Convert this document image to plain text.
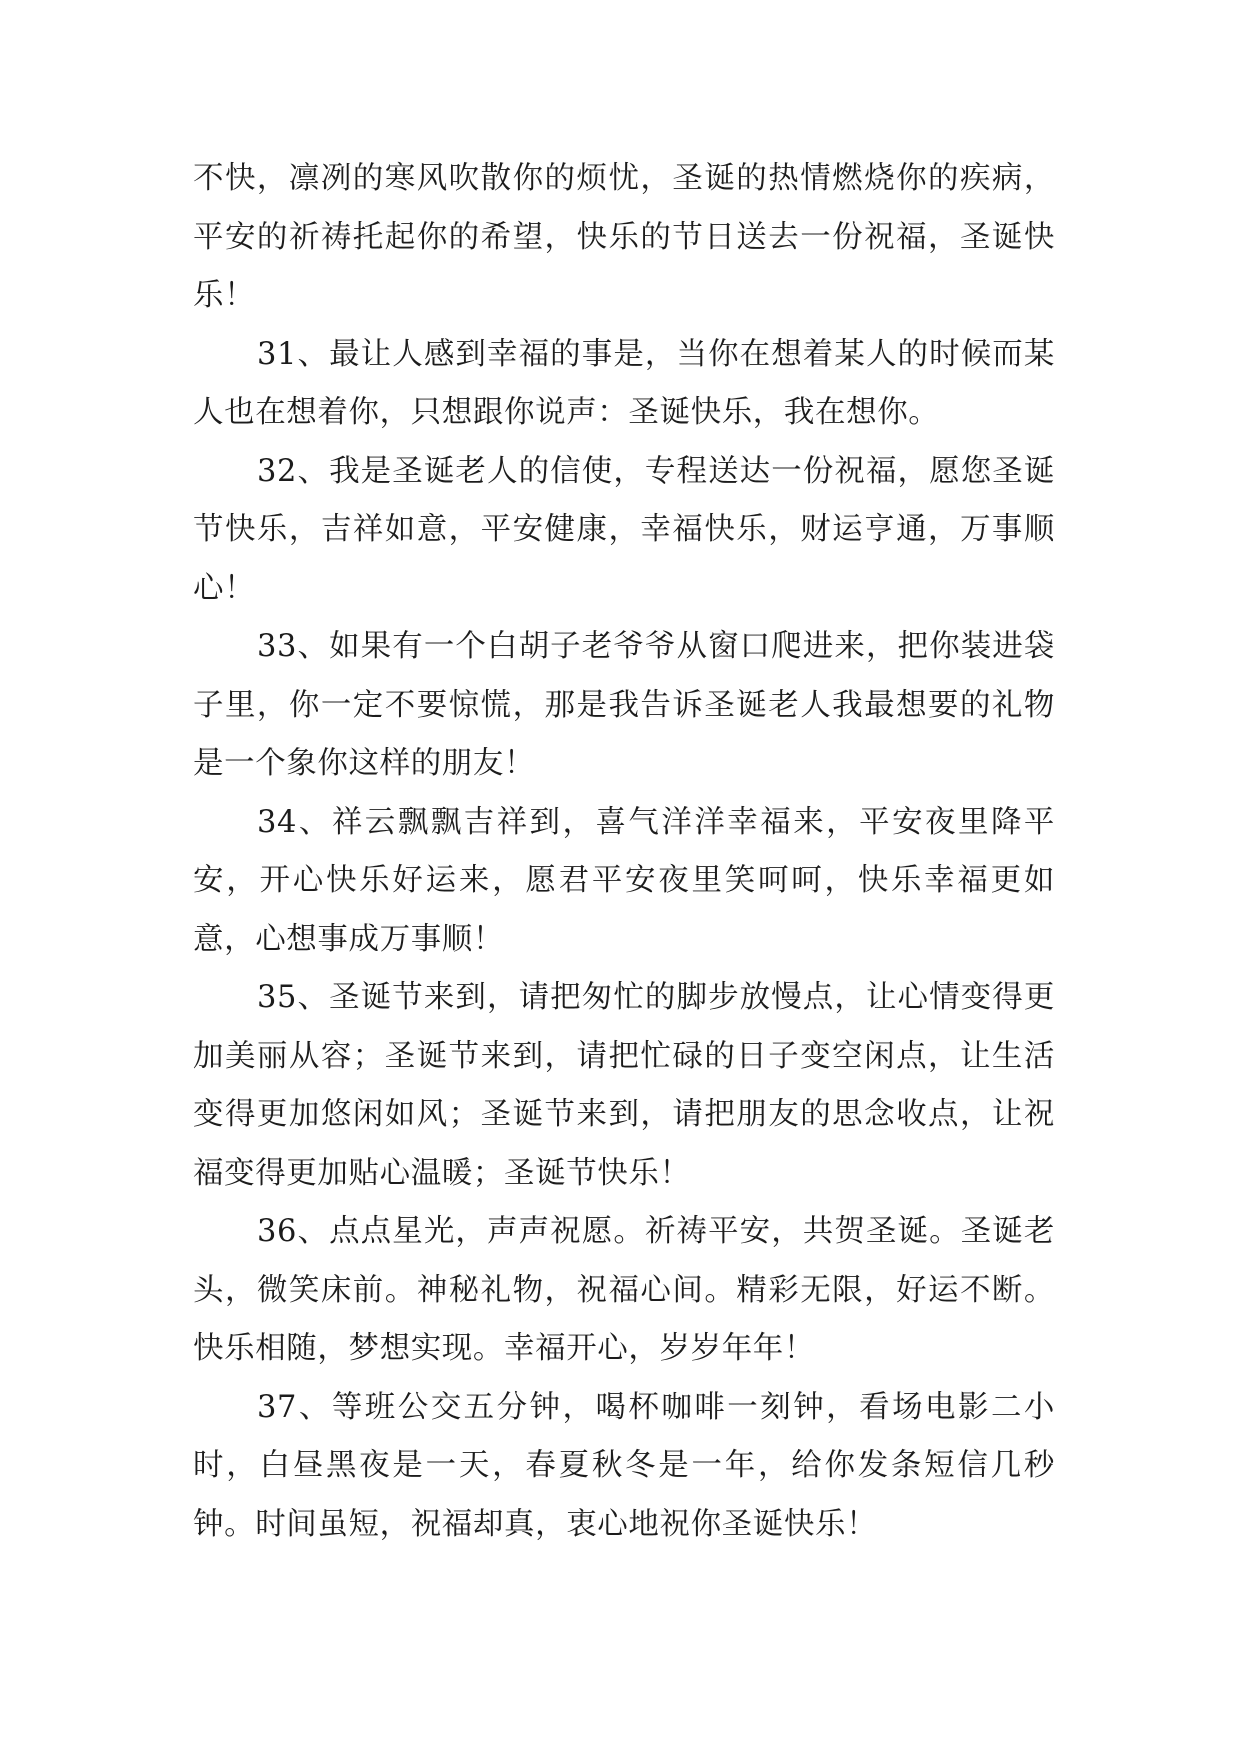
不快，凛冽的寒风吹散你的烦忧，圣诞的热情燃烧你的疾病，平安的祈祷托起你的希望，快乐的节日送去一份祝福，圣诞快乐！

31、最让人感到幸福的事是，当你在想着某人的时候而某人也在想着你，只想跟你说声：圣诞快乐，我在想你。

32、我是圣诞老人的信使，专程送达一份祝福，愿您圣诞节快乐，吉祥如意，平安健康，幸福快乐，财运亨通，万事顺心！

33、如果有一个白胡子老爷爷从窗口爬进来，把你装进袋子里，你一定不要惊慌，那是我告诉圣诞老人我最想要的礼物是一个象你这样的朋友！

34、祥云飘飘吉祥到，喜气洋洋幸福来，平安夜里降平安，开心快乐好运来，愿君平安夜里笑呵呵，快乐幸福更如意，心想事成万事顺！

35、圣诞节来到，请把匆忙的脚步放慢点，让心情变得更加美丽从容；圣诞节来到，请把忙碌的日子变空闲点，让生活变得更加悠闲如风；圣诞节来到，请把朋友的思念收点，让祝福变得更加贴心温暖；圣诞节快乐！

36、点点星光，声声祝愿。祈祷平安，共贺圣诞。圣诞老头，微笑床前。神秘礼物，祝福心间。精彩无限，好运不断。快乐相随，梦想实现。幸福开心，岁岁年年！

37、等班公交五分钟，喝杯咖啡一刻钟，看场电影二小时，白昼黑夜是一天，春夏秋冬是一年，给你发条短信几秒钟。时间虽短，祝福却真，衷心地祝你圣诞快乐！
